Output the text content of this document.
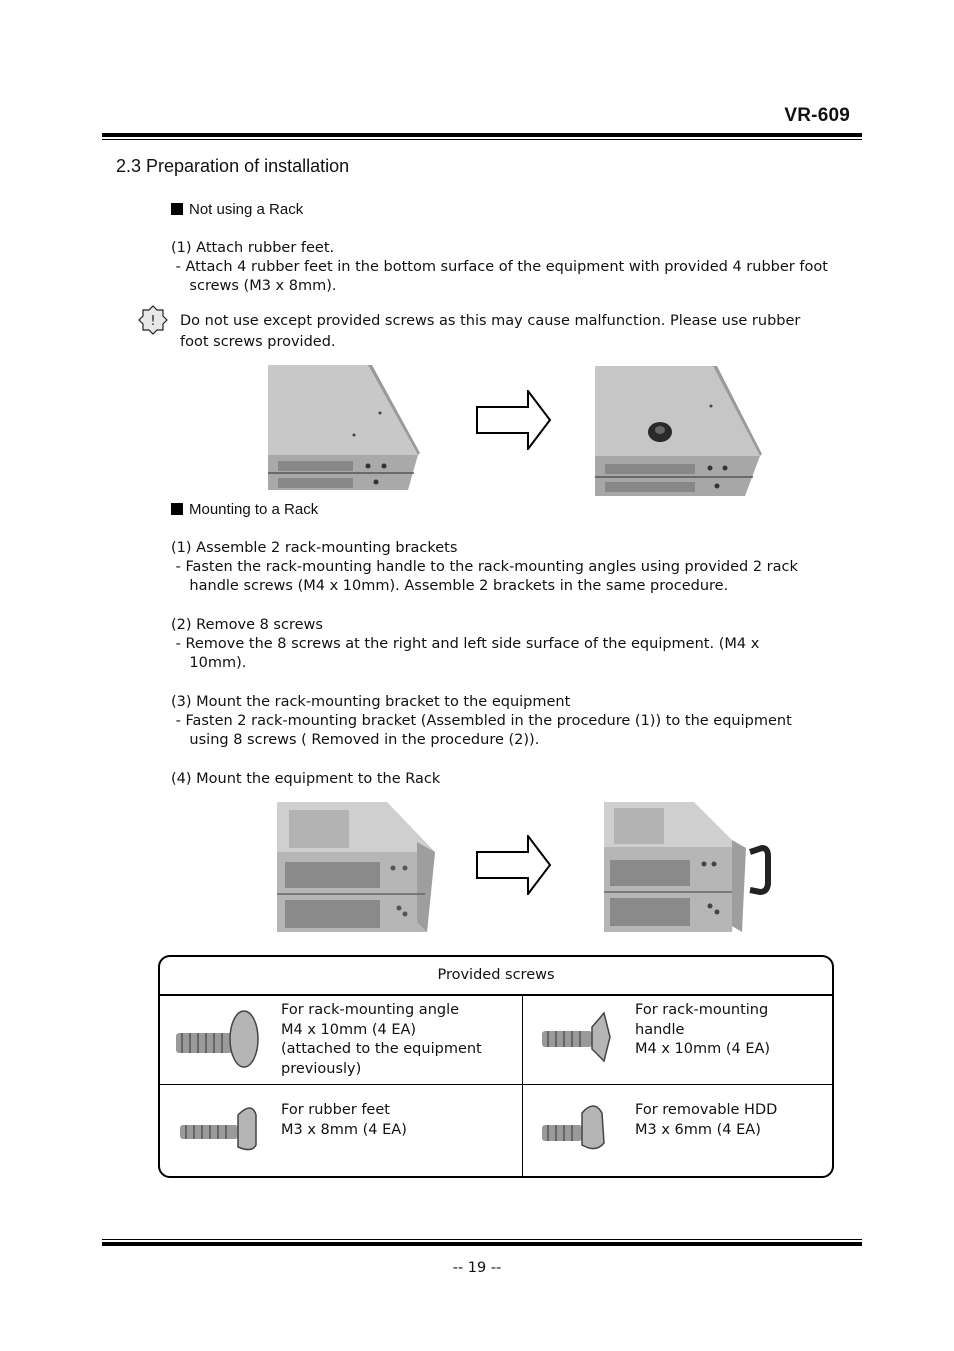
VR-609
2.3 Preparation of installation
Not using a Rack
(1) Attach rubber feet.
- Attach 4 rubber feet in the bottom surface of the equipment with provided 4 rubber foot
screws (M3 x 8mm).
! Do not use except provided screws as this may cause malfunction. Please use rubber
foot screws provided.
Mounting to a Rack
(1) Assemble 2 rack-mounting brackets
- Fasten the rack-mounting handle to the rack-mounting angles using provided 2 rack
handle screws (M4 x 10mm). Assemble 2 brackets in the same procedure.
(2) Remove 8 screws
- Remove the 8 screws at the right and left side surface of the equipment. (M4 x
10mm).
(3) Mount the rack-mounting bracket to the equipment
- Fasten 2 rack-mounting bracket (Assembled in the procedure (1)) to the equipment
using 8 screws ( Removed in the procedure (2)).
(4) Mount the equipment to the Rack
Provided screws
For rack-mounting angle
M4 x 10mm (4 EA)
(attached to the equipment
previously)
For rack-mounting
handle
M4 x 10mm (4 EA)
For rubber feet
M3 x 8mm (4 EA)
For removable HDD
M3 x 6mm (4 EA)
-- 19 --
